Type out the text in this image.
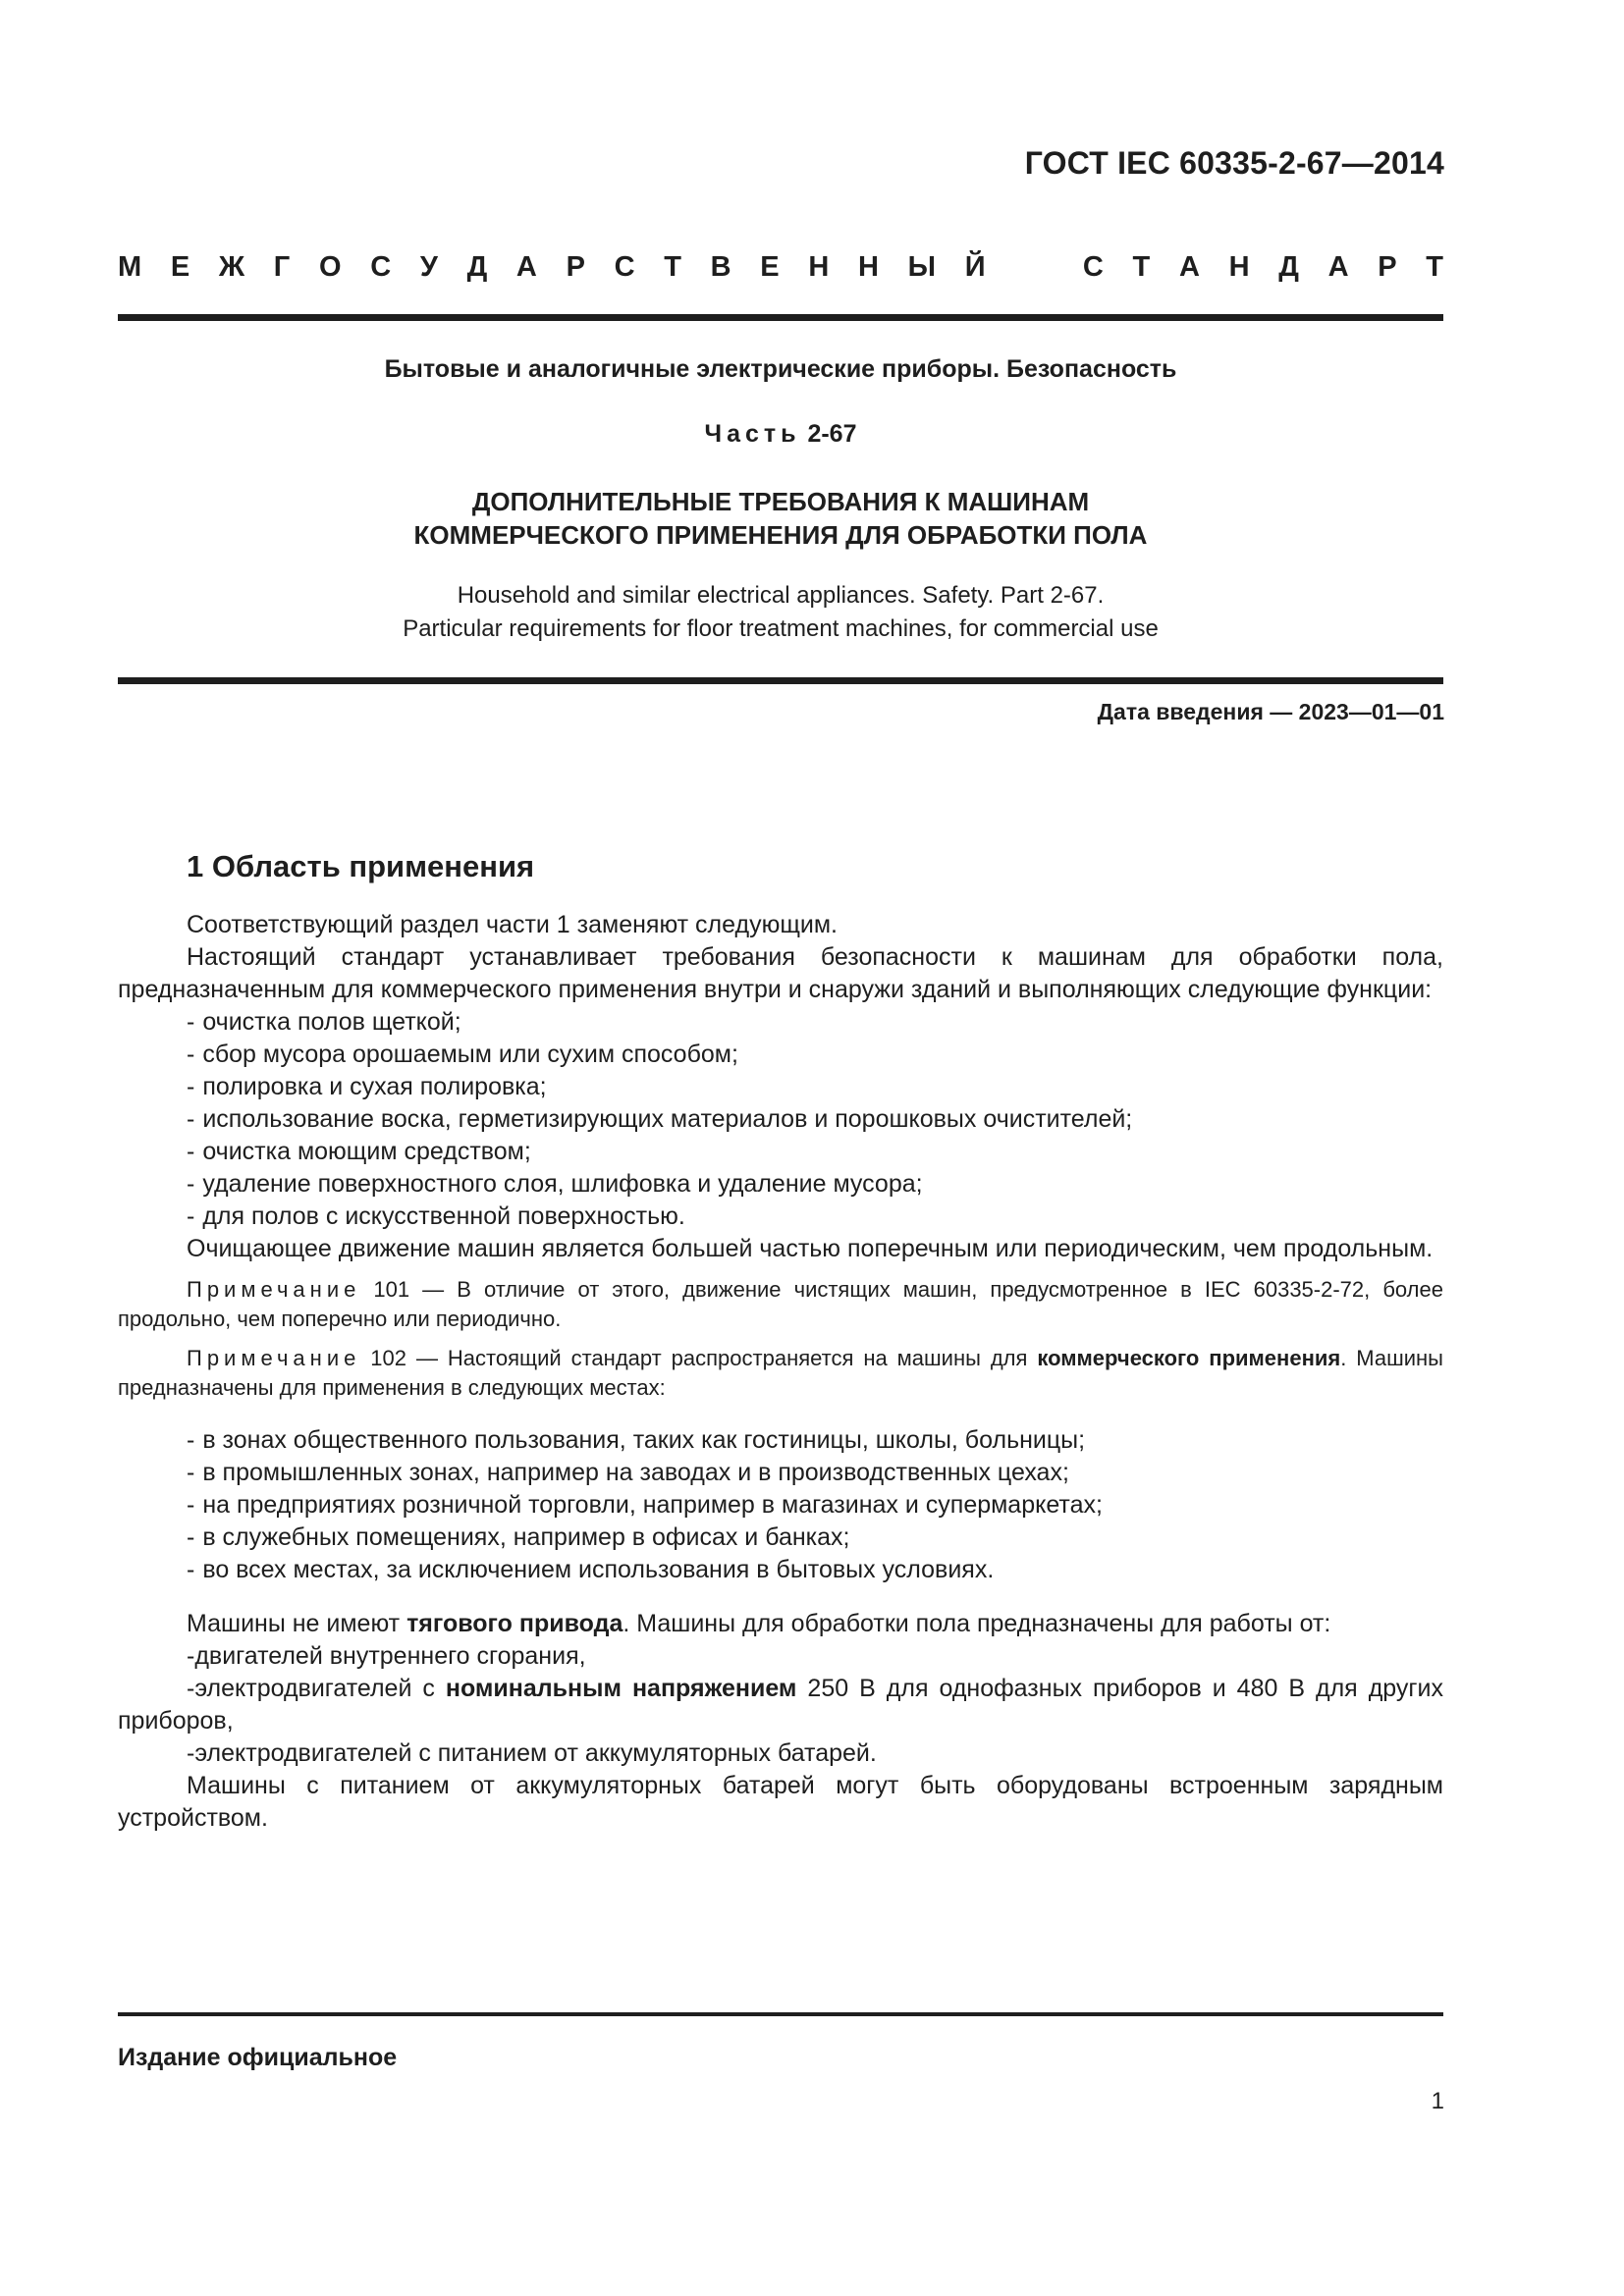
ГОСТ IEC 60335-2-67—2014
М Е Ж Г О С У Д А Р С Т В Е Н Н Ы Й	С Т А Н Д А Р Т
Бытовые и аналогичные электрические приборы. Безопасность
Часть 2-67
ДОПОЛНИТЕЛЬНЫЕ ТРЕБОВАНИЯ К МАШИНАМ
КОММЕРЧЕСКОГО ПРИМЕНЕНИЯ ДЛЯ ОБРАБОТКИ ПОЛА
Household and similar electrical appliances. Safety. Part 2-67.
Particular requirements for floor treatment machines, for commercial use
Дата введения — 2023—01—01
1 Область применения

Соответствующий раздел части 1 заменяют следующим.

Настоящий стандарт устанавливает требования безопасности к машинам для обработки пола, предназначенным для коммерческого применения внутри и снаружи зданий и выполняющих следующие функции:

- очистка полов щеткой;
- сбор мусора орошаемым или сухим способом;
- полировка и сухая полировка;
- использование воска, герметизирующих материалов и порошковых очистителей;
- очистка моющим средством;
- удаление поверхностного слоя, шлифовка и удаление мусора;
- для полов с искусственной поверхностью.

Очищающее движение машин является большей частью поперечным или периодическим, чем продольным.

Примечание 101 — В отличие от этого, движение чистящих машин, предусмотренное в IEC 60335-2-72, более продольно, чем поперечно или периодично.

Примечание 102 — Настоящий стандарт распространяется на машины для коммерческого применения. Машины предназначены для применения в следующих местах:

- в зонах общественного пользования, таких как гостиницы, школы, больницы;
- в промышленных зонах, например на заводах и в производственных цехах;
- на предприятиях розничной торговли, например в магазинах и супермаркетах;
- в служебных помещениях, например в офисах и банках;
- во всех местах, за исключением использования в бытовых условиях.

Машины не имеют тягового привода. Машины для обработки пола предназначены для работы от:

-двигателей внутреннего сгорания,

-электродвигателей с номинальным напряжением 250 В для однофазных приборов и 480 В для других приборов,

-электродвигателей с питанием от аккумуляторных батарей.

Машины с питанием от аккумуляторных батарей могут быть оборудованы встроенным зарядным устройством.

Издание официальное
1
